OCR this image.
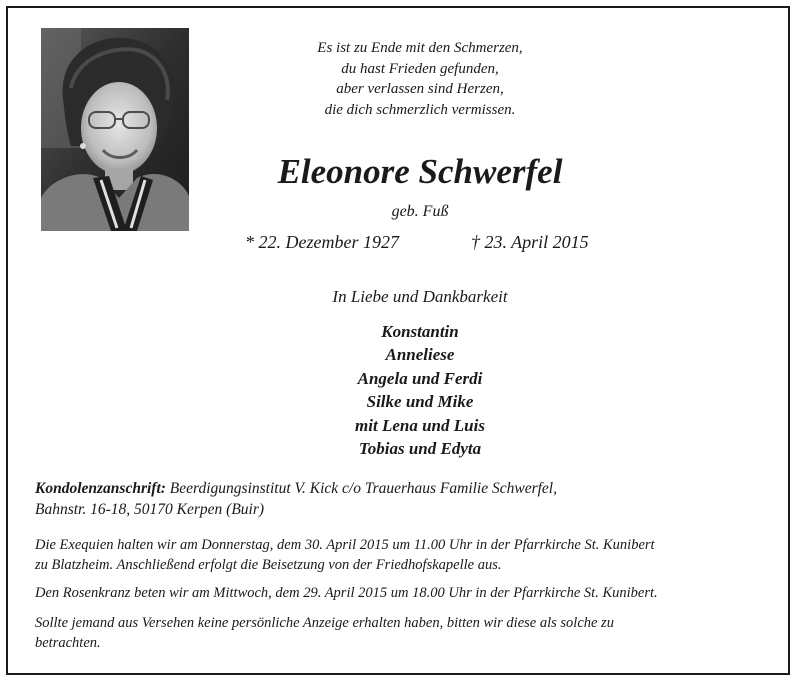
Es ist zu Ende mit den Schmerzen,
du hast Frieden gefunden,
aber verlassen sind Herzen,
die dich schmerzlich vermissen.
Eleonore Schwerfel
geb. Fuß
* 22. Dezember 1927	† 23. April 2015
In Liebe und Dankbarkeit
Konstantin
Anneliese
Angela und Ferdi
Silke und Mike
mit Lena und Luis
Tobias und Edyta
Kondolenzanschrift: Beerdigungsinstitut V. Kick c/o Trauerhaus Familie Schwerfel,
Bahnstr. 16-18, 50170 Kerpen (Buir)
Die Exequien halten wir am Donnerstag, dem 30. April 2015 um 11.00 Uhr in der Pfarrkirche St. Kunibert
zu Blatzheim. Anschließend erfolgt die Beisetzung von der Friedhofskapelle aus.
Den Rosenkranz beten wir am Mittwoch, dem 29. April 2015 um 18.00 Uhr in der Pfarrkirche St. Kunibert.
Sollte jemand aus Versehen keine persönliche Anzeige erhalten haben, bitten wir diese als solche zu
betrachten.
